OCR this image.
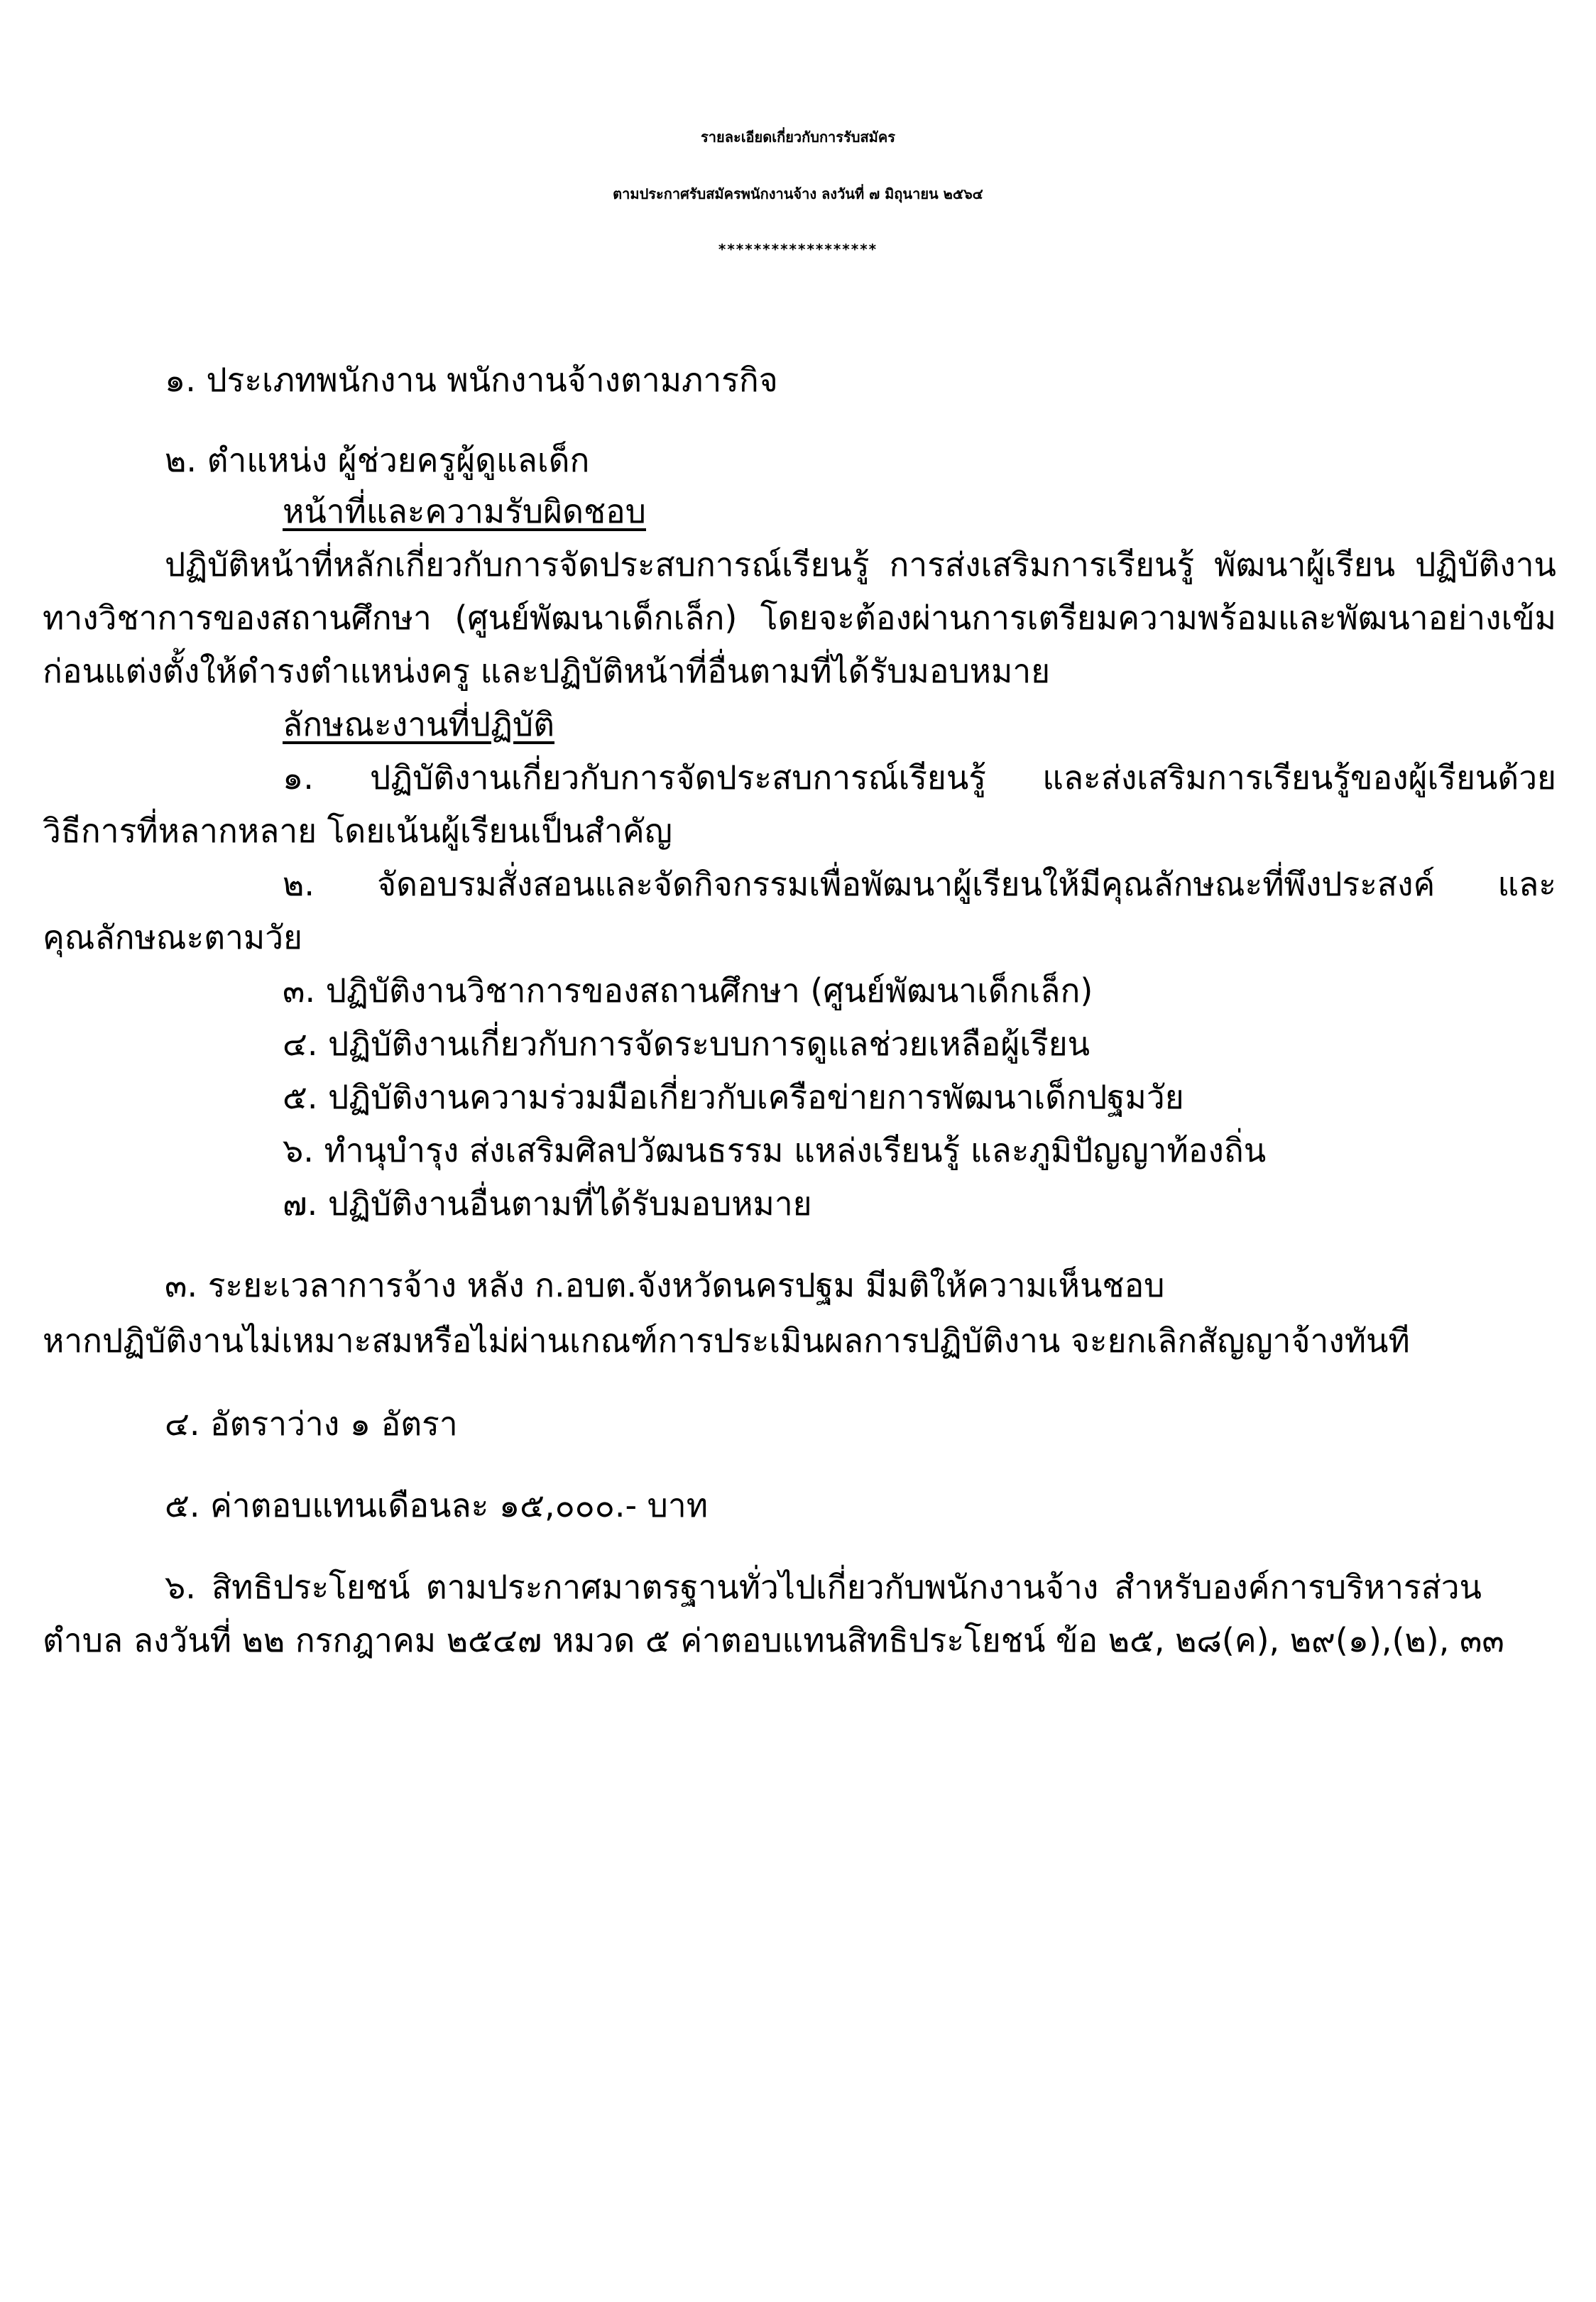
รายละเอียดเกี่ยวกับการรับสมัคร
ตามประกาศรับสมัครพนักงานจ้าง ลงวันที่ ๗ มิถุนายน ๒๕๖๔
******************
๑. ประเภทพนักงาน พนักงานจ้างตามภารกิจ
๒. ตำแหน่ง ผู้ช่วยครูผู้ดูแลเด็ก
หน้าที่และความรับผิดชอบ
ปฏิบัติหน้าที่หลักเกี่ยวกับการจัดประสบการณ์เรียนรู้ การส่งเสริมการเรียนรู้ พัฒนาผู้เรียน ปฏิบัติงาน
ทางวิชาการของสถานศึกษา (ศูนย์พัฒนาเด็กเล็ก) โดยจะต้องผ่านการเตรียมความพร้อมและพัฒนาอย่างเข้ม
ก่อนแต่งตั้งให้ดำรงตำแหน่งครู และปฏิบัติหน้าที่อื่นตามที่ได้รับมอบหมาย
ลักษณะงานที่ปฏิบัติ
๑. ปฏิบัติงานเกี่ยวกับการจัดประสบการณ์เรียนรู้ และส่งเสริมการเรียนรู้ของผู้เรียนด้วย
วิธีการที่หลากหลาย โดยเน้นผู้เรียนเป็นสำคัญ
๒. จัดอบรมสั่งสอนและจัดกิจกรรมเพื่อพัฒนาผู้เรียนให้มีคุณลักษณะที่พึงประสงค์ และ
คุณลักษณะตามวัย
๓. ปฏิบัติงานวิชาการของสถานศึกษา (ศูนย์พัฒนาเด็กเล็ก)
๔. ปฏิบัติงานเกี่ยวกับการจัดระบบการดูแลช่วยเหลือผู้เรียน
๕. ปฏิบัติงานความร่วมมือเกี่ยวกับเครือข่ายการพัฒนาเด็กปฐมวัย
๖. ทำนุบำรุง ส่งเสริมศิลปวัฒนธรรม แหล่งเรียนรู้ และภูมิปัญญาท้องถิ่น
๗. ปฏิบัติงานอื่นตามที่ได้รับมอบหมาย
๓. ระยะเวลาการจ้าง หลัง ก.อบต.จังหวัดนครปฐม มีมติให้ความเห็นชอบ
หากปฏิบัติงานไม่เหมาะสมหรือไม่ผ่านเกณฑ์การประเมินผลการปฏิบัติงาน จะยกเลิกสัญญาจ้างทันที
๔. อัตราว่าง ๑ อัตรา
๕. ค่าตอบแทนเดือนละ ๑๕,๐๐๐.- บาท
๖. สิทธิประโยชน์ ตามประกาศมาตรฐานทั่วไปเกี่ยวกับพนักงานจ้าง สำหรับองค์การบริหารส่วน
ตำบล ลงวันที่ ๒๒ กรกฎาคม ๒๕๔๗ หมวด ๕ ค่าตอบแทนสิทธิประโยชน์ ข้อ ๒๕, ๒๘(ค), ๒๙(๑),(๒), ๓๓
